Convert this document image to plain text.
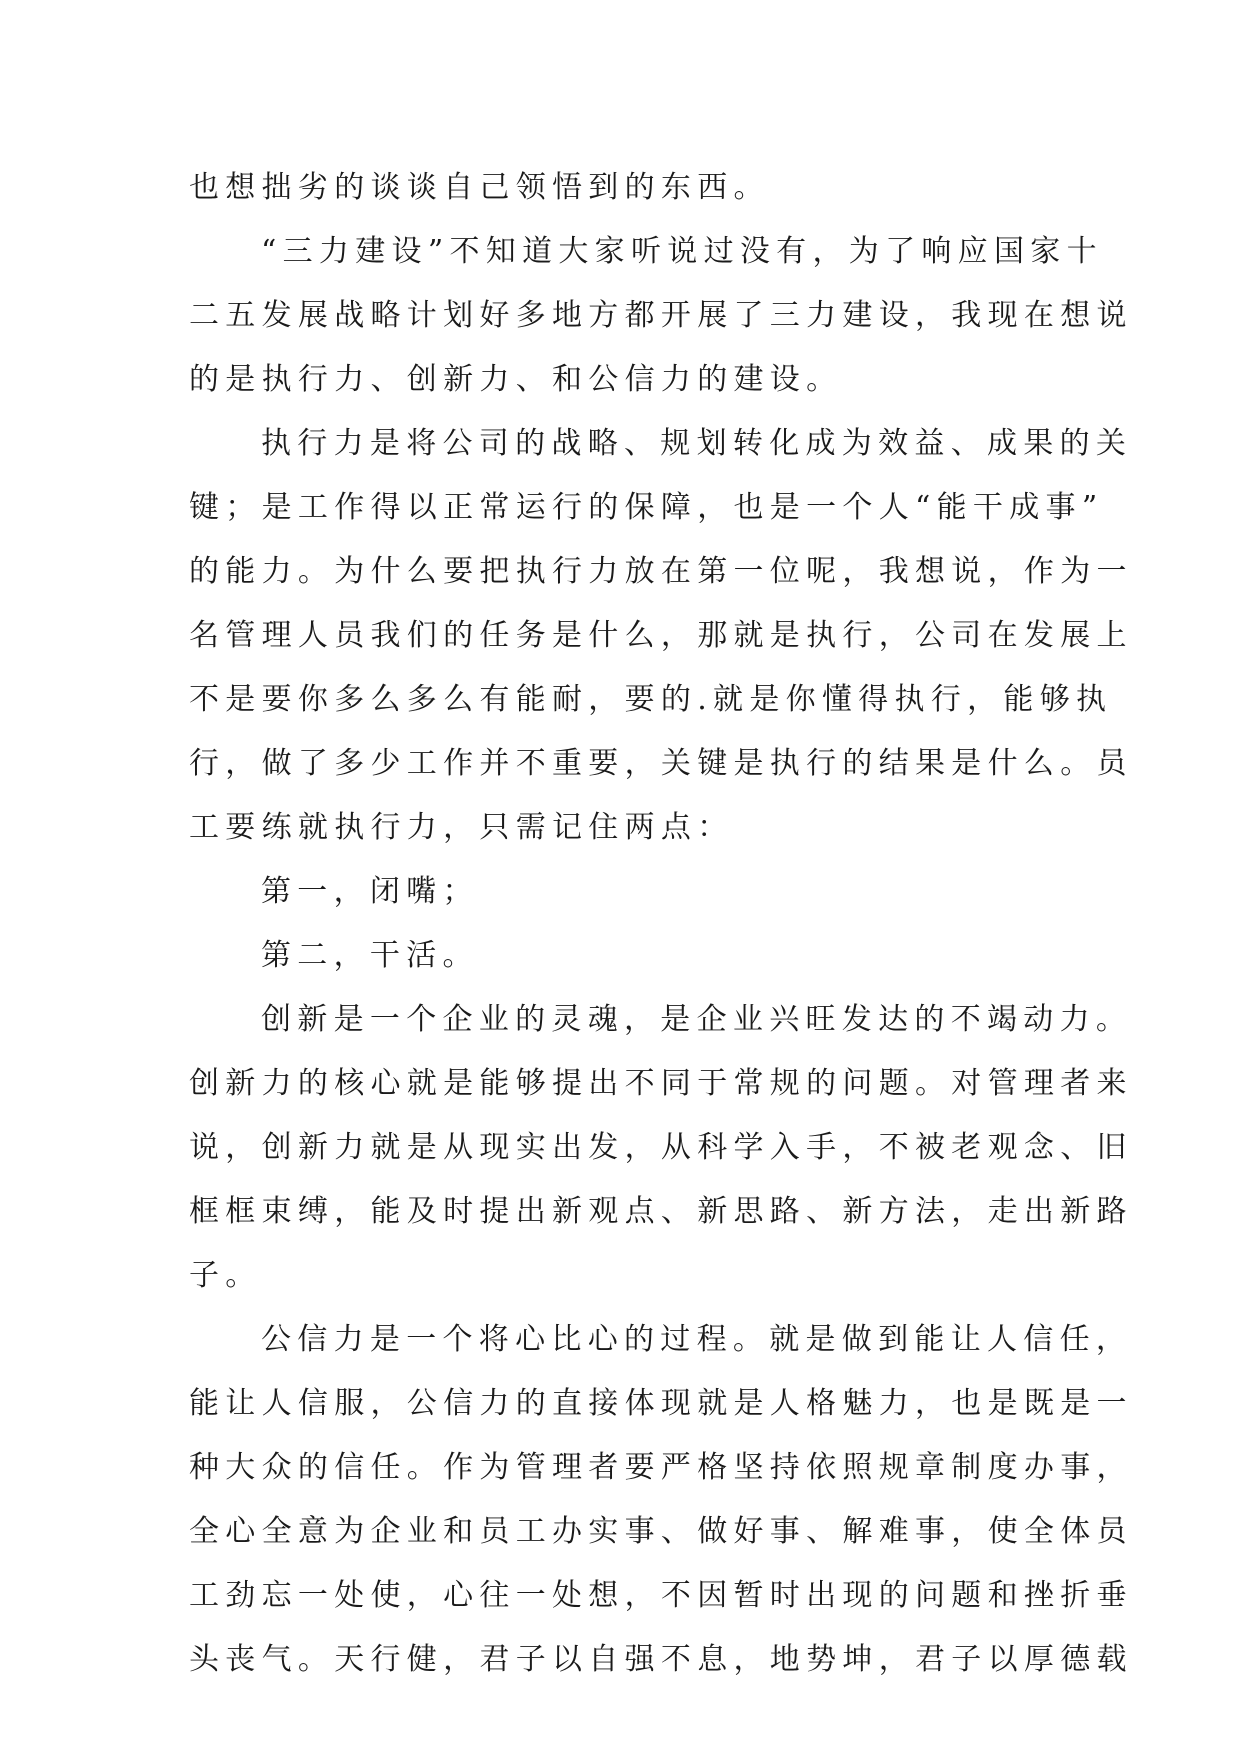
也想拙劣的谈谈自己领悟到的东西。
“三力建设”不知道大家听说过没有，为了响应国家十
二五发展战略计划好多地方都开展了三力建设，我现在想说
的是执行力、创新力、和公信力的建设。
执行力是将公司的战略、规划转化成为效益、成果的关
键；是工作得以正常运行的保障，也是一个人“能干成事”
的能力。为什么要把执行力放在第一位呢，我想说，作为一
名管理人员我们的任务是什么，那就是执行，公司在发展上
不是要你多么多么有能耐，要的.就是你懂得执行，能够执
行，做了多少工作并不重要，关键是执行的结果是什么。员
工要练就执行力，只需记住两点：
第一，闭嘴；
第二，干活。
创新是一个企业的灵魂，是企业兴旺发达的不竭动力。
创新力的核心就是能够提出不同于常规的问题。对管理者来
说，创新力就是从现实出发，从科学入手，不被老观念、旧
框框束缚，能及时提出新观点、新思路、新方法，走出新路
子。
公信力是一个将心比心的过程。就是做到能让人信任，
能让人信服，公信力的直接体现就是人格魅力，也是既是一
种大众的信任。作为管理者要严格坚持依照规章制度办事，
全心全意为企业和员工办实事、做好事、解难事，使全体员
工劲忘一处使，心往一处想，不因暂时出现的问题和挫折垂
头丧气。天行健，君子以自强不息，地势坤，君子以厚德载
